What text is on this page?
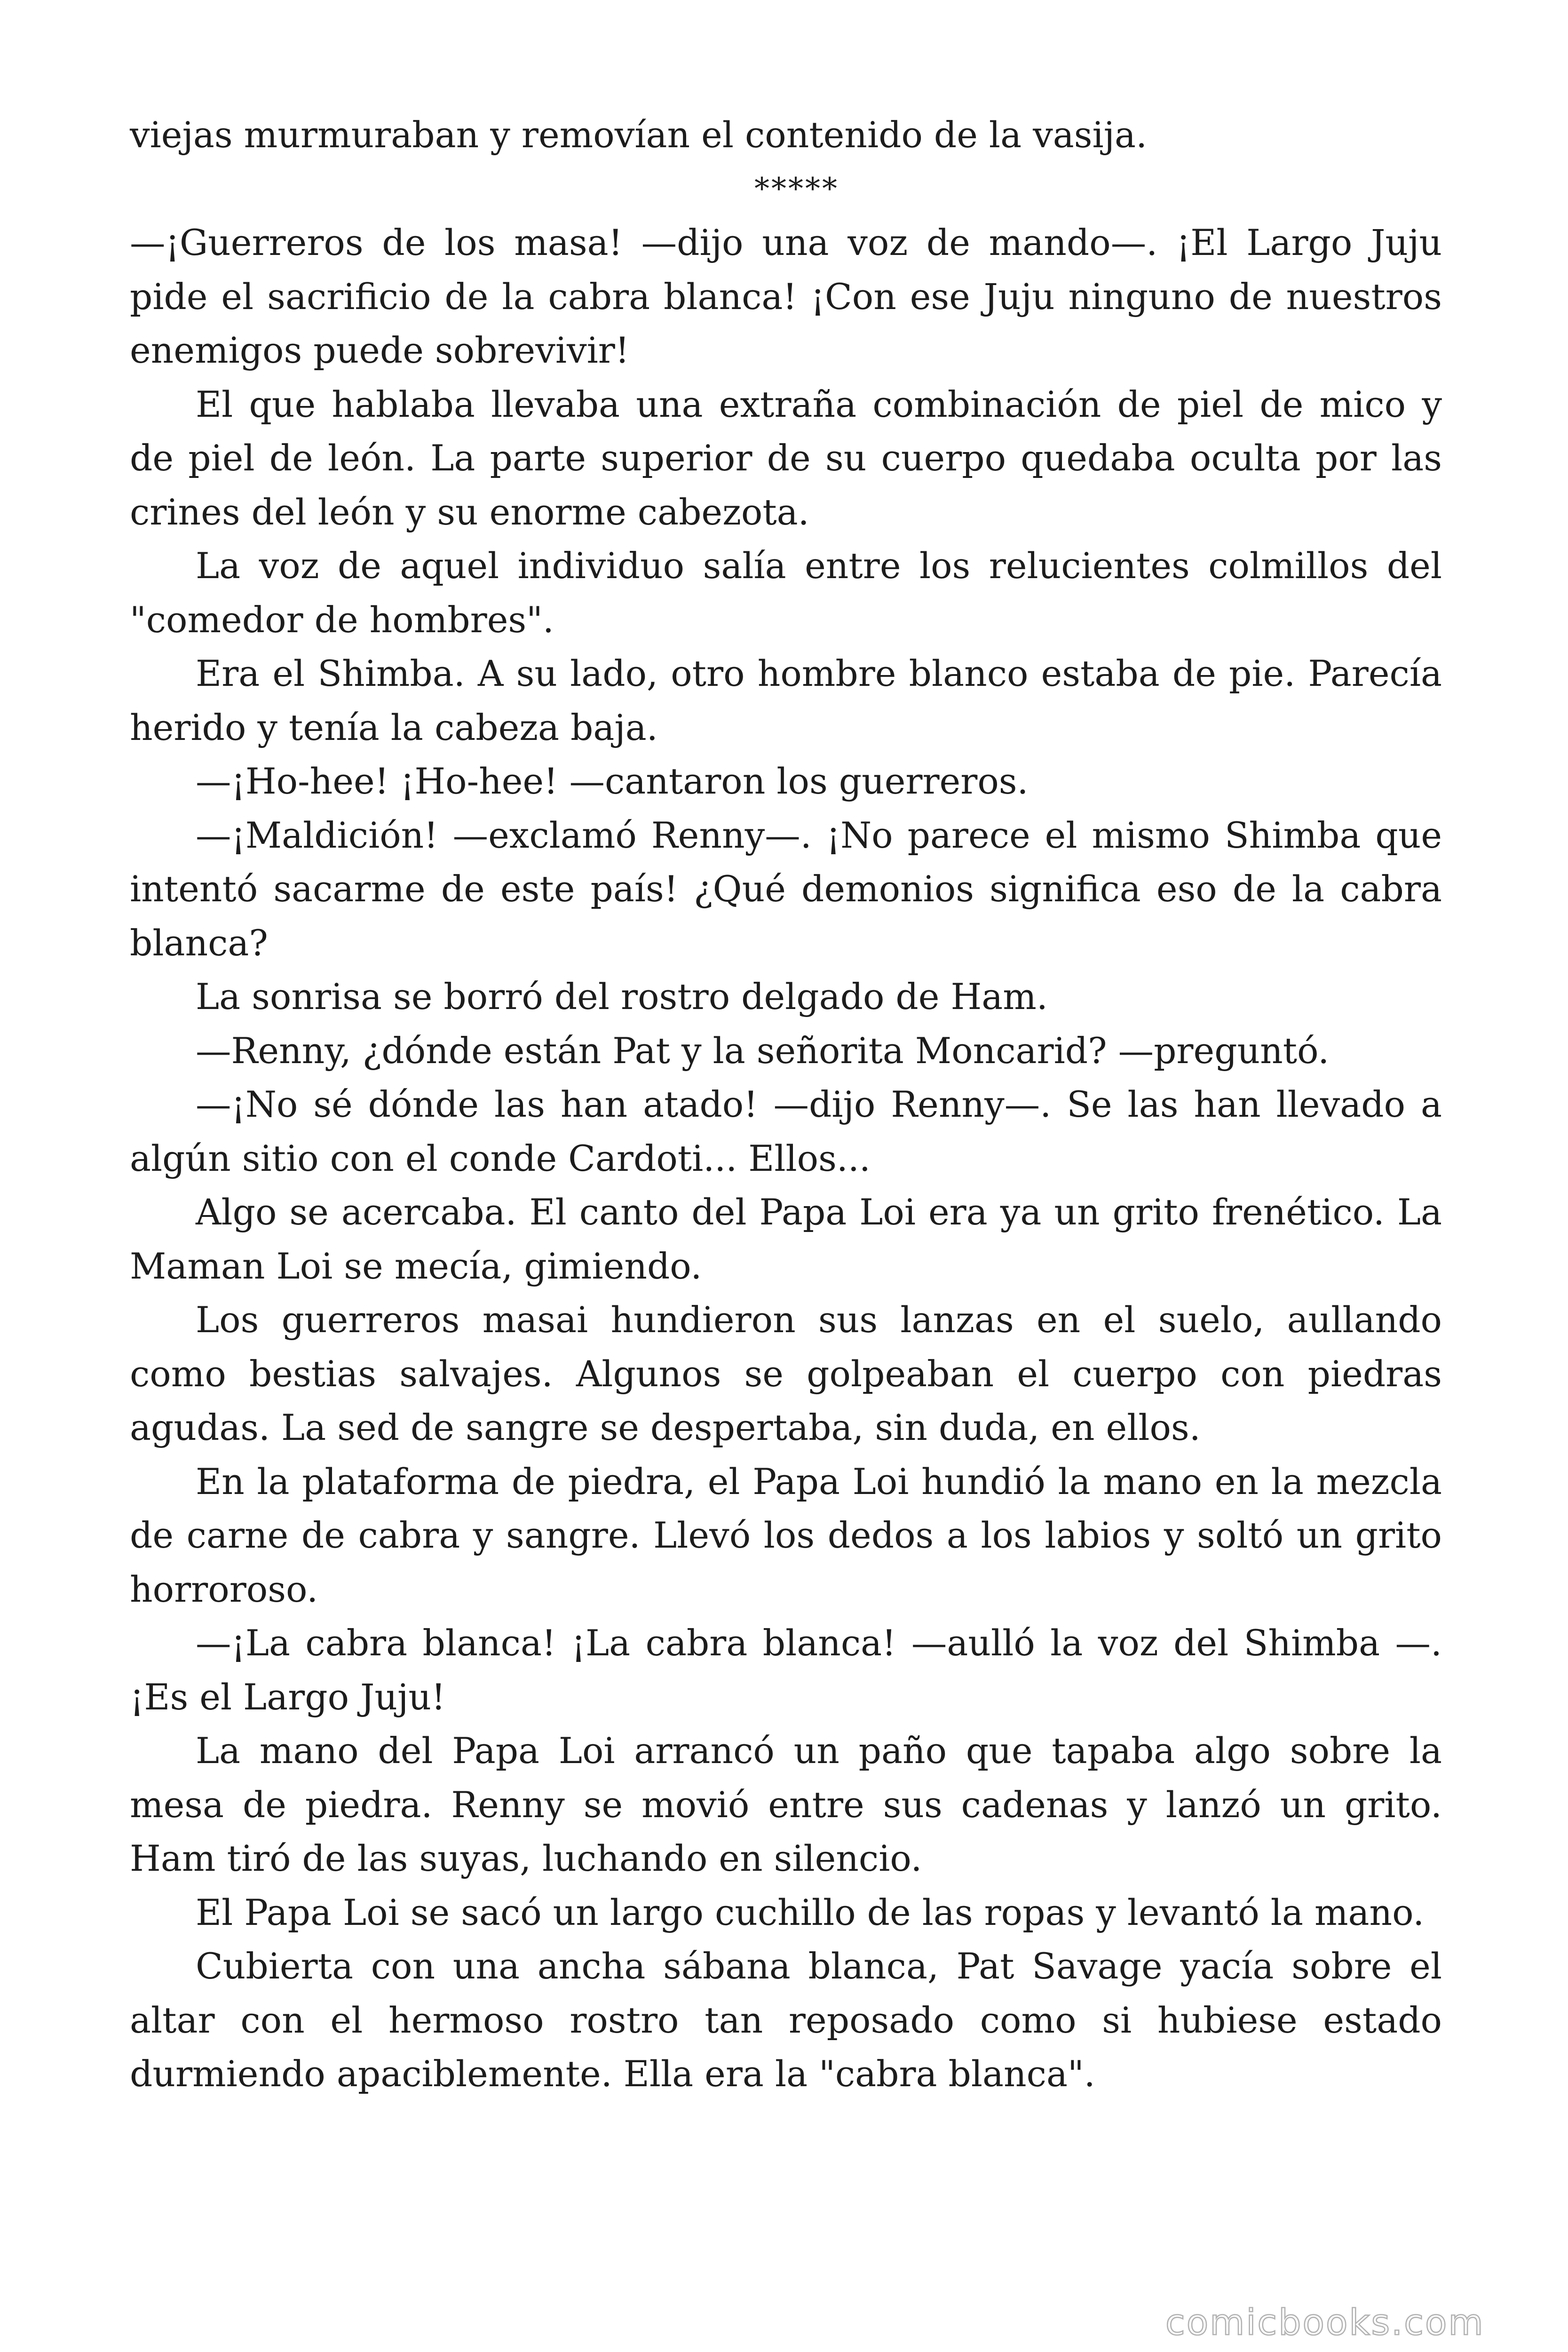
viejas murmuraban y removían el contenido de la vasija.

*****

—¡Guerreros de los masa! —dijo una voz de mando—. ¡El Largo Juju pide el sacrificio de la cabra blanca! ¡Con ese Juju ninguno de nuestros enemigos puede sobrevivir!

El que hablaba llevaba una extraña combinación de piel de mico y de piel de león. La parte superior de su cuerpo quedaba oculta por las crines del león y su enorme cabezota.

La voz de aquel individuo salía entre los relucientes colmillos del "comedor de hombres".

Era el Shimba. A su lado, otro hombre blanco estaba de pie. Parecía herido y tenía la cabeza baja.

—¡Ho-hee! ¡Ho-hee! —cantaron los guerreros.

—¡Maldición! —exclamó Renny—. ¡No parece el mismo Shimba que intentó sacarme de este país! ¿Qué demonios significa eso de la cabra blanca?

La sonrisa se borró del rostro delgado de Ham.

—Renny, ¿dónde están Pat y la señorita Moncarid? —preguntó.

—¡No sé dónde las han atado! —dijo Renny—. Se las han llevado a algún sitio con el conde Cardoti... Ellos...

Algo se acercaba. El canto del Papa Loi era ya un grito frenético. La Maman Loi se mecía, gimiendo.

Los guerreros masai hundieron sus lanzas en el suelo, aullando como bestias salvajes. Algunos se golpeaban el cuerpo con piedras agudas. La sed de sangre se despertaba, sin duda, en ellos.

En la plataforma de piedra, el Papa Loi hundió la mano en la mezcla de carne de cabra y sangre. Llevó los dedos a los labios y soltó un grito horroroso.

—¡La cabra blanca! ¡La cabra blanca! —aulló la voz del Shimba —. ¡Es el Largo Juju!

La mano del Papa Loi arrancó un paño que tapaba algo sobre la mesa de piedra. Renny se movió entre sus cadenas y lanzó un grito. Ham tiró de las suyas, luchando en silencio.

El Papa Loi se sacó un largo cuchillo de las ropas y levantó la mano.

Cubierta con una ancha sábana blanca, Pat Savage yacía sobre el altar con el hermoso rostro tan reposado como si hubiese estado durmiendo apaciblemente. Ella era la "cabra blanca".

comicbooks.com
